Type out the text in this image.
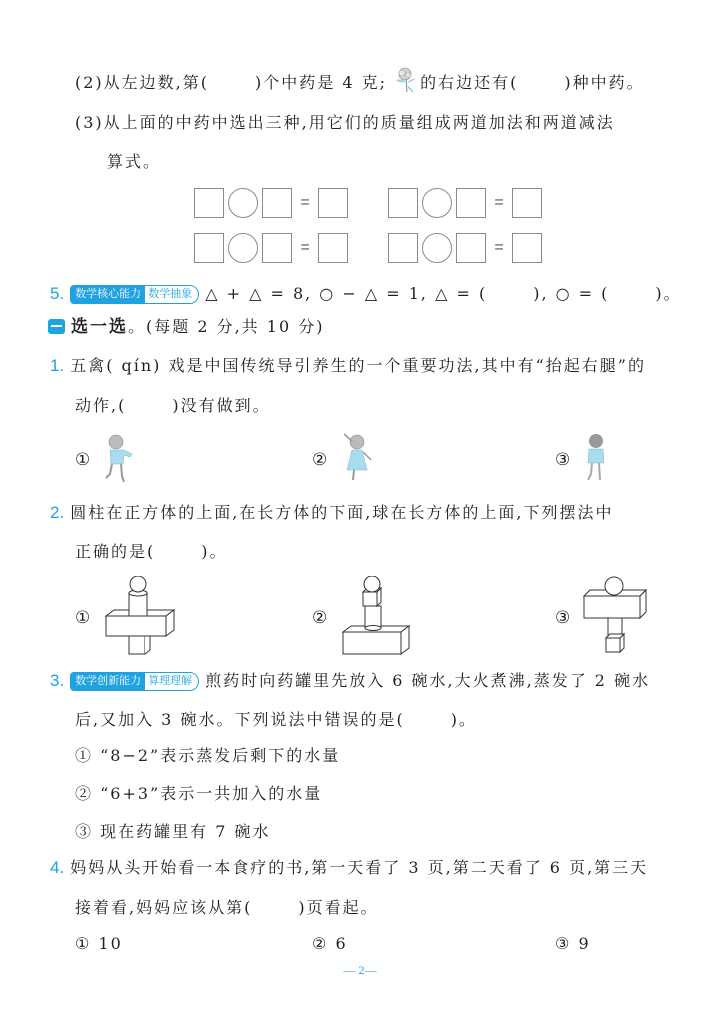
(2)从左边数,第(	)个中药是 4 克; 的右边还有(	)种中药。
(3)从上面的中药中选出三种,用它们的质量组成两道加法和两道减法
算式。
=	=
=	=
5.	数学核心能力 数学抽象 △ + △ = 8, ○ − △ = 1, △ = (	), ○ = (	)。
选一选。(每题 2 分,共 10 分)
1. 五禽( qín) 戏是中国传统导引养生的一个重要功法,其中有“抬起右腿”的
动作,(	)没有做到。
①	②	③
2. 圆柱在正方体的上面,在长方体的下面,球在长方体的上面,下列摆法中
正确的是(	)。
①	②	③
3.	数学创新能力 算理理解 煎药时向药罐里先放入 6 碗水,大火煮沸,蒸发了 2 碗水
后,又加入 3 碗水。下列说法中错误的是(	)。
① “8−2”表示蒸发后剩下的水量
② “6+3”表示一共加入的水量
③ 现在药罐里有 7 碗水
4. 妈妈从头开始看一本食疗的书,第一天看了 3 页,第二天看了 6 页,第三天
接着看,妈妈应该从第(	)页看起。
① 10	② 6	③ 9
— 2—
